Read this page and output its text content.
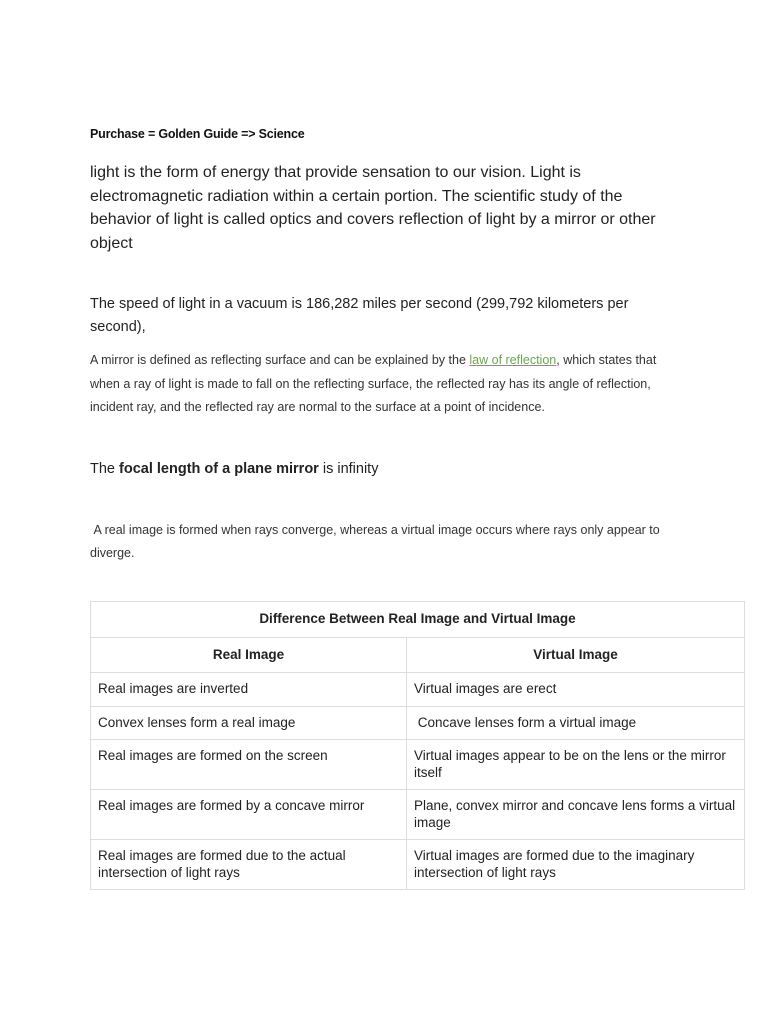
Purchase = Golden Guide => Science

light is the form of energy that provide sensation to our vision. Light is electromagnetic radiation within a certain portion. The scientific study of the behavior of light is called optics and covers reflection of light by a mirror or other object

The speed of light in a vacuum is 186,282 miles per second (299,792 kilometers per second),

A mirror is defined as reflecting surface and can be explained by the law of reflection, which states that when a ray of light is made to fall on the reflecting surface, the reflected ray has its angle of reflection, incident ray, and the reflected ray are normal to the surface at a point of incidence.

The focal length of a plane mirror is infinity

A real image is formed when rays converge, whereas a virtual image occurs where rays only appear to diverge.

Difference Between Real Image and Virtual Image	
Real Image	Virtual Image
Real images are inverted	Virtual images are erect
Convex lenses form a real image	Concave lenses form a virtual image
Real images are formed on the screen	Virtual images appear to be on the lens or the mirror itself
Real images are formed by a concave mirror	Plane, convex mirror and concave lens forms a virtual image
Real images are formed due to the actual intersection of light rays	Virtual images are formed due to the imaginary intersection of light rays
